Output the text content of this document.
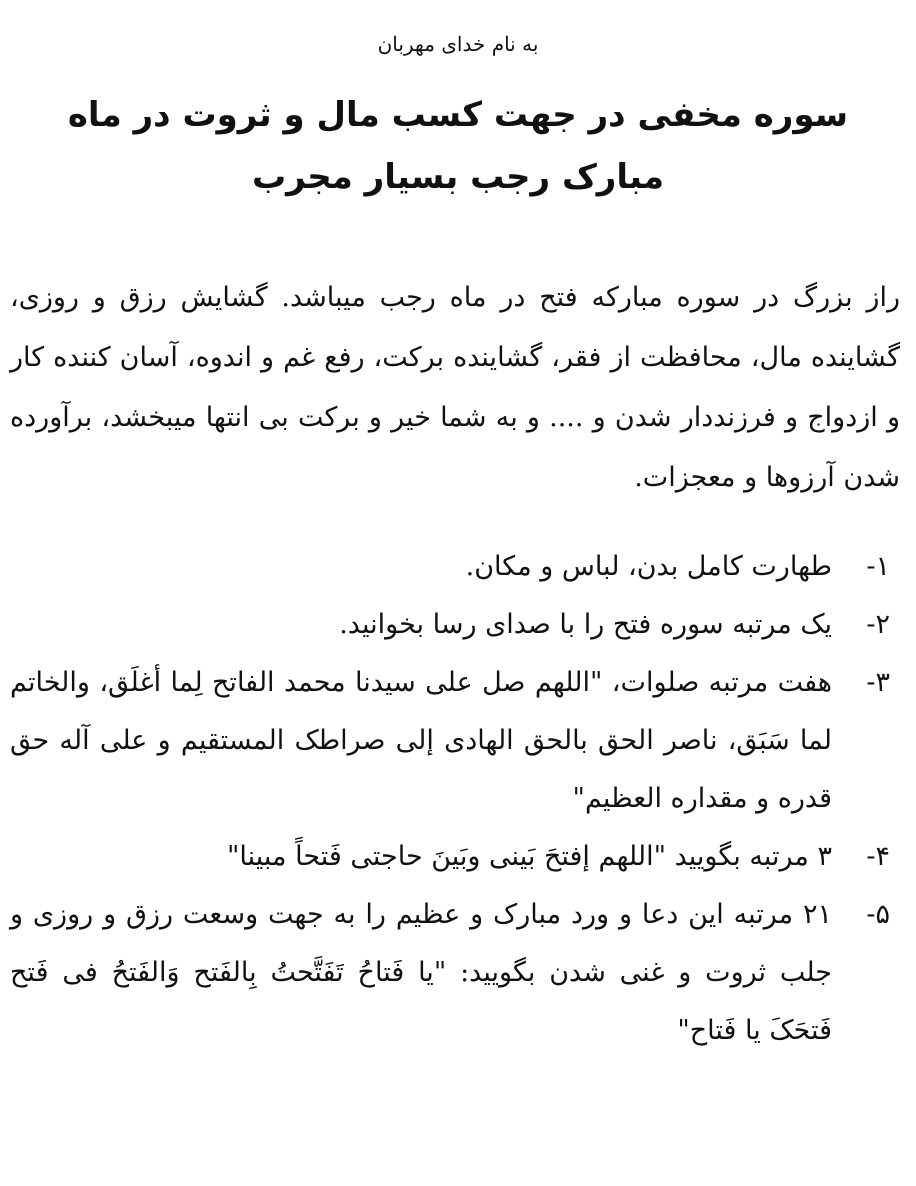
به نام خدای مهربان
سوره مخفی در جهت کسب مال و ثروت در ماه مبارک رجب بسیار مجرب

راز بزرگ در سوره مبارکه فتح در ماه رجب میباشد. گشایش رزق و روزی، گشاینده مال، محافظت از فقر، گشاینده برکت، رفع غم و اندوه، آسان کننده کار و ازدواج و فرزنددار شدن و .... و به شما خیر و برکت بی انتها میبخشد، برآورده شدن آرزوها و معجزات.

۱-
طهارت کامل بدن، لباس و مکان.
۲-
یک مرتبه سوره فتح را با صدای رسا بخوانید.
۳-
هفت مرتبه صلوات، "اللهم صل علی سیدنا محمد الفاتح لِما أغلَق، والخاتم لما سَبَق، ناصر الحق بالحق الهادی إلی صراطک المستقیم و علی آله حق قدره و مقداره العظیم"
۴-
۳ مرتبه بگویید "اللهم إفتحَ بَینی وبَینَ حاجتی فَتحاً مبینا"
۵-
۲۱ مرتبه این دعا و ورد مبارک و عظیم را به جهت وسعت رزق و روزی و جلب ثروت و غنی شدن بگویید: "یا فَتاحُ تَفَتَّحتُ بِالفَتح وَالفَتحُ فی فَتح فَتحَکَ یا فَتاح"
